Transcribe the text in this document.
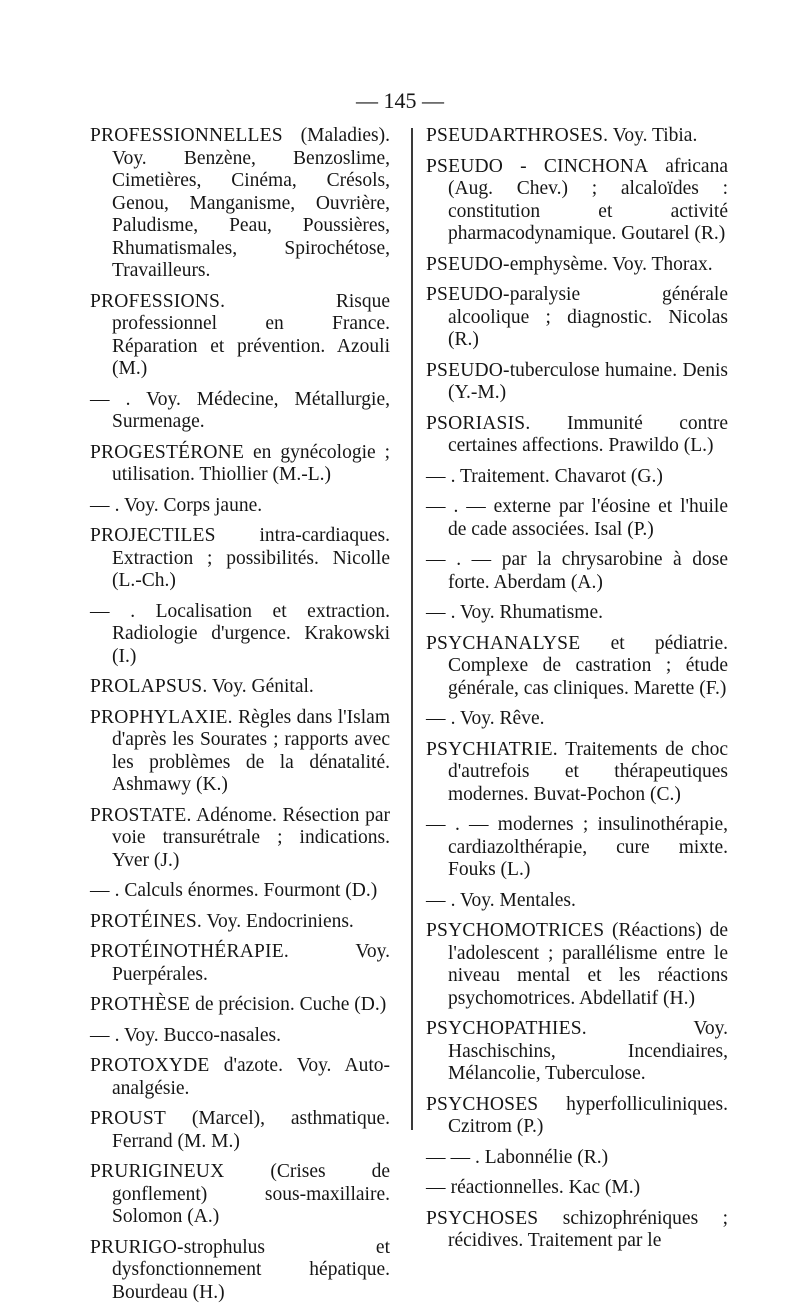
— 145 —

PROFESSIONNELLES (Maladies). Voy. Benzène, Benzoslime, Cimetières, Cinéma, Crésols, Genou, Manganisme, Ouvrière, Paludisme, Peau, Poussières, Rhumatismales, Spirochétose, Travailleurs.

PROFESSIONS. Risque professionnel en France. Réparation et prévention. Azouli (M.)

— . Voy. Médecine, Métallurgie, Surmenage.

PROGESTÉRONE en gynécologie ; utilisation. Thiollier (M.-L.)

— . Voy. Corps jaune.

PROJECTILES intra-cardiaques. Extraction ; possibilités. Nicolle (L.-Ch.)

— . Localisation et extraction. Radiologie d'urgence. Krakowski (I.)

PROLAPSUS. Voy. Génital.

PROPHYLAXIE. Règles dans l'Islam d'après les Sourates ; rapports avec les problèmes de la dénatalité. Ashmawy (K.)

PROSTATE. Adénome. Résection par voie transurétrale ; indications. Yver (J.)

— . Calculs énormes. Fourmont (D.)

PROTÉINES. Voy. Endocriniens.

PROTÉINOTHÉRAPIE. Voy. Puerpérales.

PROTHÈSE de précision. Cuche (D.)

— . Voy. Bucco-nasales.

PROTOXYDE d'azote. Voy. Auto-analgésie.

PROUST (Marcel), asthmatique. Ferrand (M. M.)

PRURIGINEUX (Crises de gonflement) sous-maxillaire. Solomon (A.)

PRURIGO-strophulus et dysfonctionnement hépatique. Bourdeau (H.)

PSEUDARTHROSES. Voy. Tibia.

PSEUDO - CINCHONA africana (Aug. Chev.) ; alcaloïdes : constitution et activité pharmacodynamique. Goutarel (R.)

PSEUDO-emphysème. Voy. Thorax.

PSEUDO-paralysie générale alcoolique ; diagnostic. Nicolas (R.)

PSEUDO-tuberculose humaine. Denis (Y.-M.)

PSORIASIS. Immunité contre certaines affections. Prawildo (L.)

— . Traitement. Chavarot (G.)

— . — externe par l'éosine et l'huile de cade associées. Isal (P.)

— . — par la chrysarobine à dose forte. Aberdam (A.)

— . Voy. Rhumatisme.

PSYCHANALYSE et pédiatrie. Complexe de castration ; étude générale, cas cliniques. Marette (F.)

— . Voy. Rêve.

PSYCHIATRIE. Traitements de choc d'autrefois et thérapeutiques modernes. Buvat-Pochon (C.)

— . — modernes ; insulinothérapie, cardiazolthérapie, cure mixte. Fouks (L.)

— . Voy. Mentales.

PSYCHOMOTRICES (Réactions) de l'adolescent ; parallélisme entre le niveau mental et les réactions psychomotrices. Abdellatif (H.)

PSYCHOPATHIES. Voy. Haschischins, Incendiaires, Mélancolie, Tuberculose.

PSYCHOSES hyperfolliculiniques. Czitrom (P.)

— — . Labonnélie (R.)

— réactionnelles. Kac (M.)

PSYCHOSES schizophréniques ; récidives. Traitement par le
